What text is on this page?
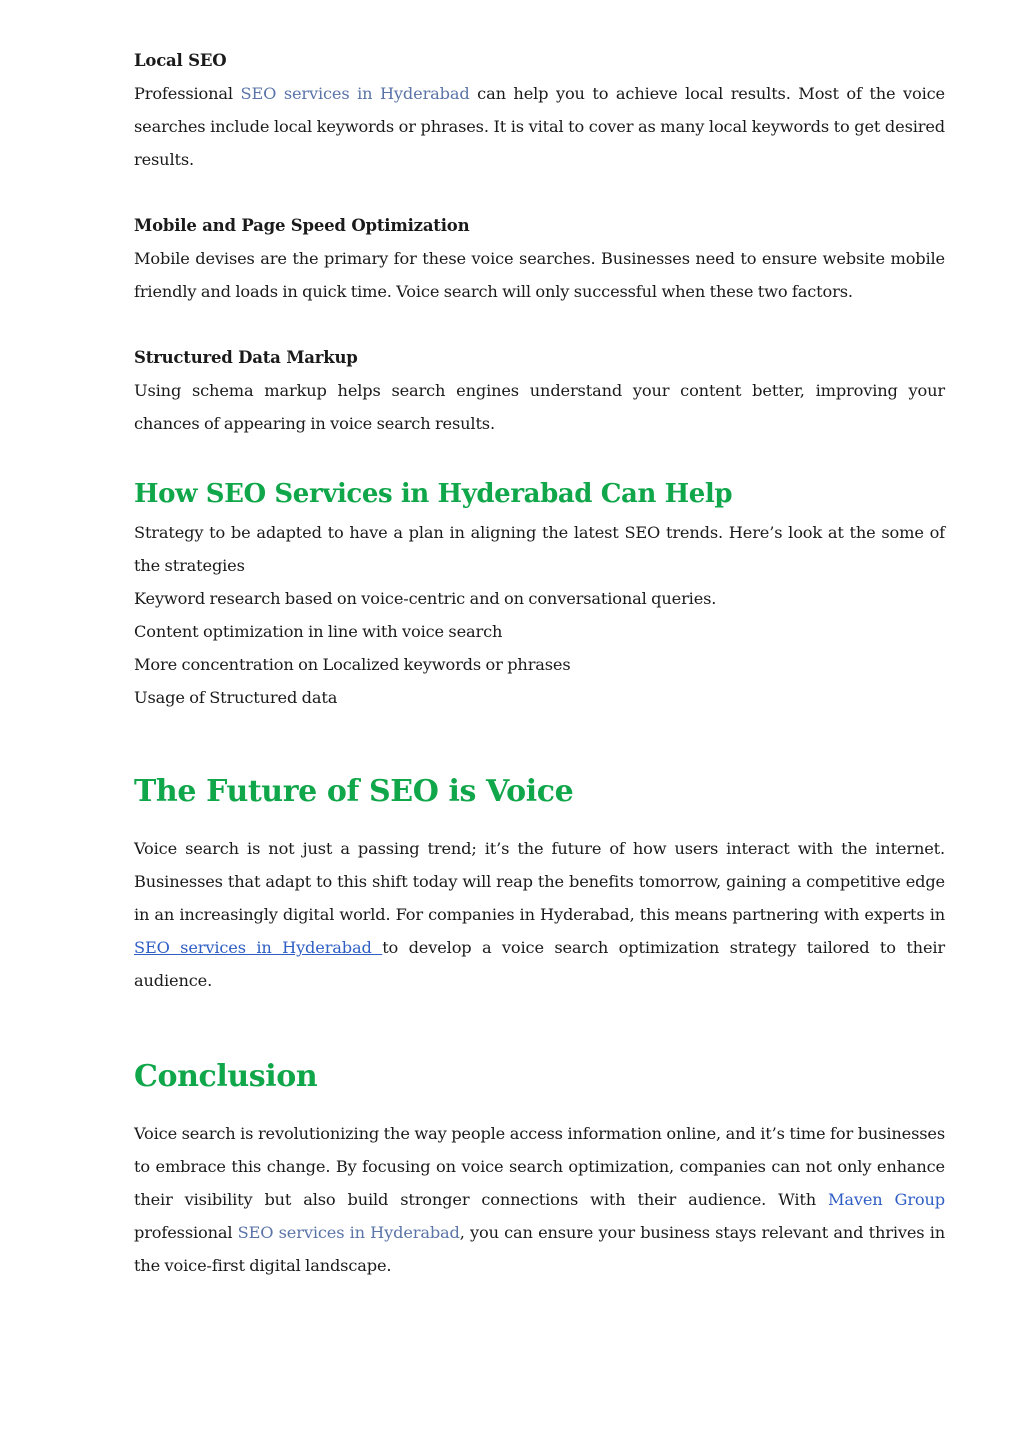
Local SEO

Professional SEO services in Hyderabad can help you to achieve local results. Most of the voice searches include local keywords or phrases. It is vital to cover as many local keywords to get desired results.

Mobile and Page Speed Optimization

Mobile devises are the primary for these voice searches. Businesses need to ensure website mobile friendly and loads in quick time. Voice search will only successful when these two factors.

Structured Data Markup

Using schema markup helps search engines understand your content better, improving your chances of appearing in voice search results.

How SEO Services in Hyderabad Can Help

Strategy to be adapted to have a plan in aligning the latest SEO trends. Here’s look at the some of the strategies

Keyword research based on voice-centric and on conversational queries.

Content optimization in line with voice search

More concentration on Localized keywords or phrases

Usage of Structured data

The Future of SEO is Voice

Voice search is not just a passing trend; it’s the future of how users interact with the internet. Businesses that adapt to this shift today will reap the benefits tomorrow, gaining a competitive edge in an increasingly digital world. For companies in Hyderabad, this means partnering with experts in SEO services in Hyderabad to develop a voice search optimization strategy tailored to their audience.

Conclusion

Voice search is revolutionizing the way people access information online, and it’s time for businesses to embrace this change. By focusing on voice search optimization, companies can not only enhance their visibility but also build stronger connections with their audience. With Maven Group professional SEO services in Hyderabad, you can ensure your business stays relevant and thrives in the voice-first digital landscape.
